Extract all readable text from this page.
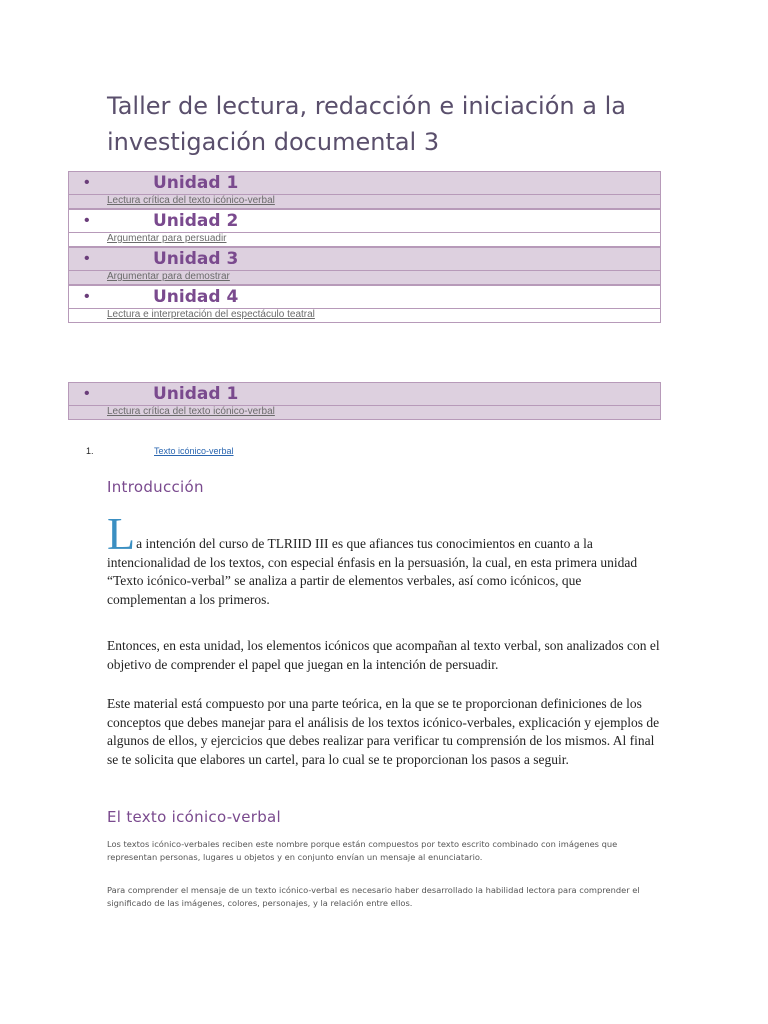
Taller de lectura, redacción e iniciación a la investigación documental 3
•	Unidad 1
Lectura crítica del texto icónico-verbal
•	Unidad 2
Argumentar para persuadir
•	Unidad 3
Argumentar para demostrar
•	Unidad 4
Lectura e interpretación del espectáculo teatral
•	Unidad 1
Lectura crítica del texto icónico-verbal
1.	Texto icónico-verbal
Introducción
L a intención del curso de TLRIID III es que afiances tus conocimientos en cuanto a la intencionalidad de los textos, con especial énfasis en la persuasión, la cual, en esta primera unidad “Texto icónico-verbal” se analiza a partir de elementos verbales, así como icónicos, que complementan a los primeros.
Entonces, en esta unidad, los elementos icónicos que acompañan al texto verbal, son analizados con el objetivo de comprender el papel que juegan en la intención de persuadir.
Este material está compuesto por una parte teórica, en la que se te proporcionan definiciones de los conceptos que debes manejar para el análisis de los textos icónico-verbales, explicación y ejemplos de algunos de ellos, y ejercicios que debes realizar para verificar tu comprensión de los mismos. Al final se te solicita que elabores un cartel, para lo cual se te proporcionan los pasos a seguir.
El texto icónico-verbal
Los textos icónico-verbales reciben este nombre porque están compuestos por texto escrito combinado con imágenes que representan personas, lugares u objetos y en conjunto envían un mensaje al enunciatario.
Para comprender el mensaje de un texto icónico-verbal es necesario haber desarrollado la habilidad lectora para comprender el significado de las imágenes, colores, personajes, y la relación entre ellos.
